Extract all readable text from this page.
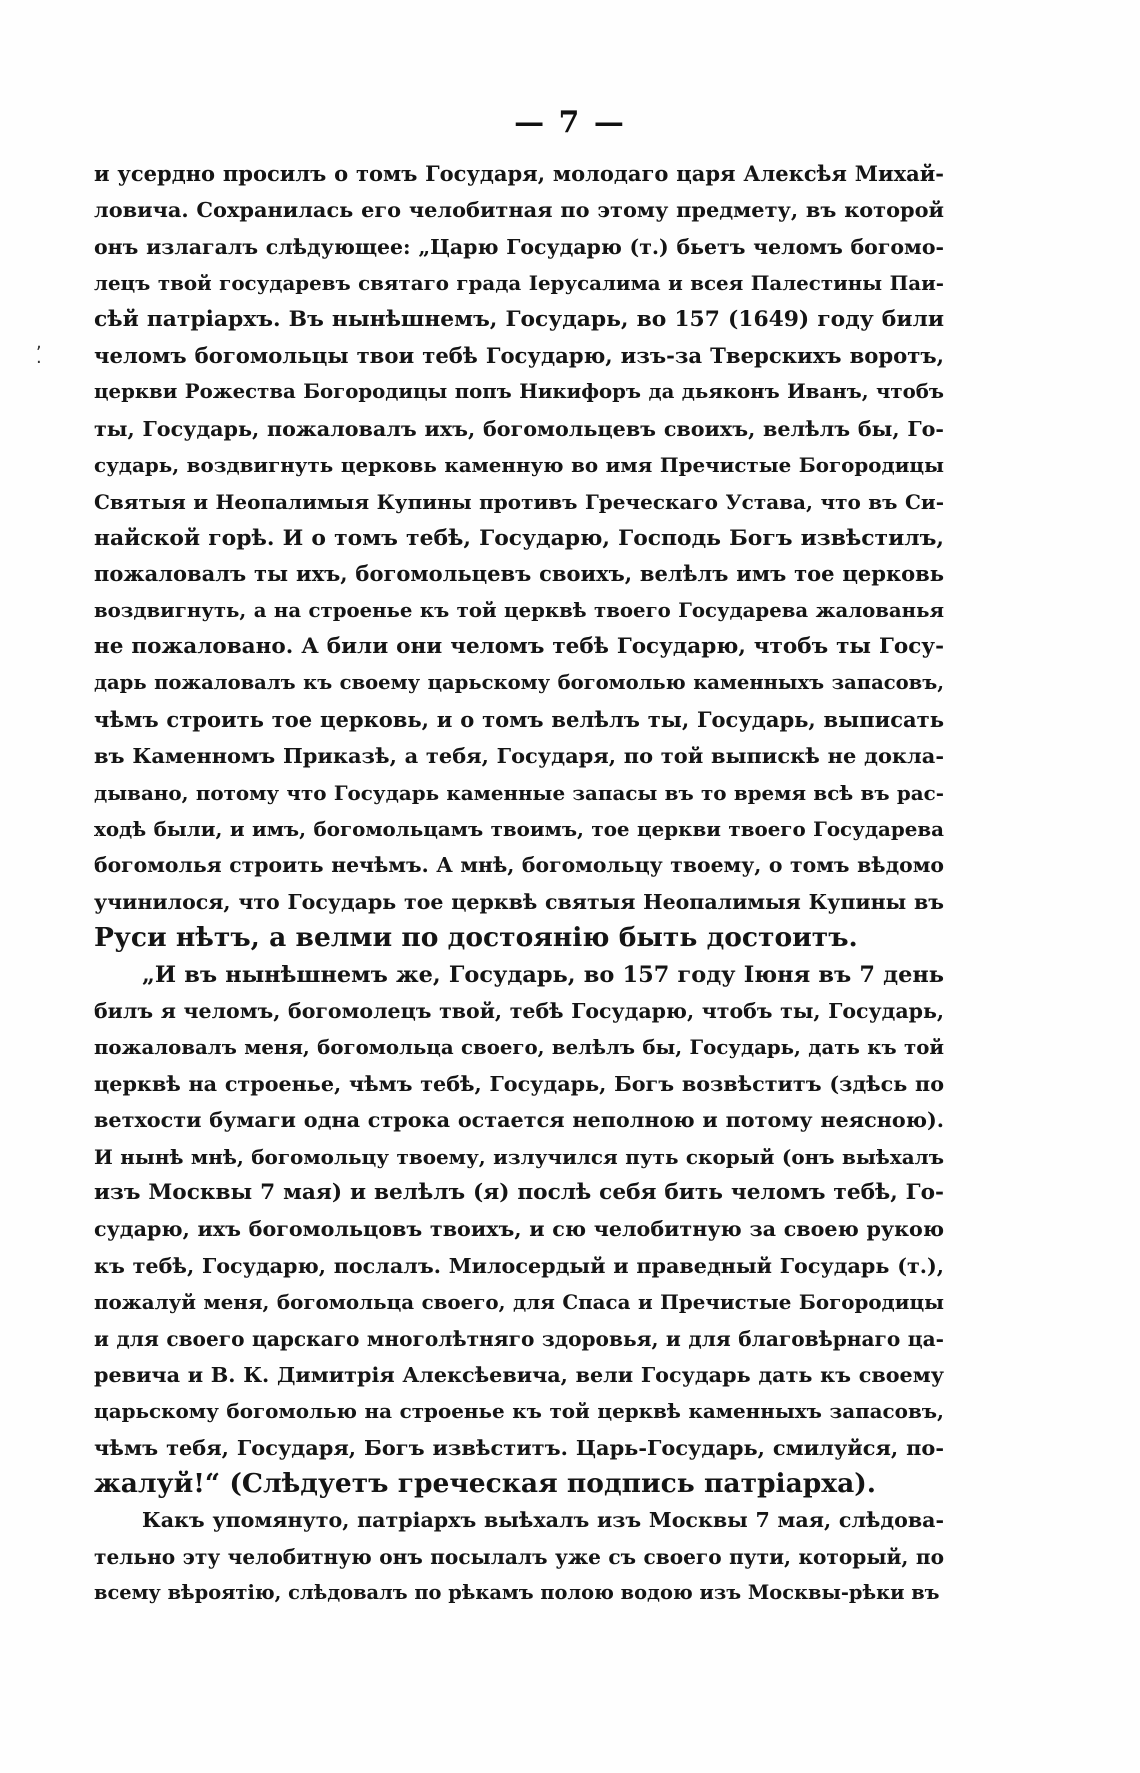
— 7 —
,
·
и усердно просилъ о томъ Государя, молодаго царя Алексѣя Михай-
ловича. Сохранилась его челобитная по этому предмету, въ которой
онъ излагалъ слѣдующее: „Царю Государю (т.) бьетъ челомъ богомо-
лецъ твой государевъ святаго града Іерусалима и всея Палестины Паи-
сѣй патріархъ. Въ нынѣшнемъ, Государь, во 157 (1649) году били
челомъ богомольцы твои тебѣ Государю, изъ-за Тверскихъ воротъ,
церкви Рожества Богородицы попъ Никифоръ да дьяконъ Иванъ, чтобъ
ты, Государь, пожаловалъ ихъ, богомольцевъ своихъ, велѣлъ бы, Го-
сударь, воздвигнуть церковь каменную во имя Пречистые Богородицы
Святыя и Неопалимыя Купины противъ Греческаго Устава, что въ Си-
найской горѣ. И о томъ тебѣ, Государю, Господь Богъ извѣстилъ,
пожаловалъ ты ихъ, богомольцевъ своихъ, велѣлъ имъ тое церковь
воздвигнуть, а на строенье къ той церквѣ твоего Государева жалованья
не пожаловано. А били они челомъ тебѣ Государю, чтобъ ты Госу-
дарь пожаловалъ къ своему царьскому богомолью каменныхъ запасовъ,
чѣмъ строить тое церковь, и о томъ велѣлъ ты, Государь, выписать
въ Каменномъ Приказѣ, а тебя, Государя, по той выпискѣ не доклa-
дывано, потому что Государь каменные запасы въ то время всѣ въ рас-
ходѣ были, и имъ, богомольцамъ твоимъ, тое церкви твоего Государева
богомолья строить нечѣмъ. А мнѣ, богомольцу твоему, о томъ вѣдомо
учинилося, что Государь тое церквѣ святыя Неопалимыя Купины въ
Руси нѣтъ, а велми по достоянію быть достоитъ.
„И въ нынѣшнемъ же, Государь, во 157 году Іюня въ 7 день
билъ я челомъ, богомолецъ твой, тебѣ Государю, чтобъ ты, Государь,
пожаловалъ меня, богомольца своего, велѣлъ бы, Государь, дать къ той
церквѣ на строенье, чѣмъ тебѣ, Государь, Богъ возвѣститъ (здѣсь по
ветхости бумаги одна строка остается неполною и потому неясною).
И нынѣ мнѣ, богомольцу твоему, излучился путь скорый (онъ выѣхалъ
изъ Москвы 7 мая) и велѣлъ (я) послѣ себя бить челомъ тебѣ, Го-
сударю, ихъ богомольцовъ твоихъ, и сю челобитную за своею рукою
къ тебѣ, Государю, послалъ. Милосердый и праведный Государь (т.),
пожалуй меня, богомольца своего, для Спаса и Пречистые Богородицы
и для своего царскаго многолѣтняго здоровья, и для благовѣрнаго ца-
ревича и В. К. Димитрія Алексѣевича, вели Государь дать къ своему
царьскому богомолью на строенье къ той церквѣ каменныхъ запасовъ,
чѣмъ тебя, Государя, Богъ извѣститъ. Царь-Государь, смилуйся, по-
жалуй!“ (Слѣдуетъ греческая подпись патріарха).
Какъ упомянуто, патріархъ выѣхалъ изъ Москвы 7 мая, слѣдова-
тельно эту челобитную онъ посылалъ уже съ своего пути, который, по
всему вѣроятію, слѣдовалъ по рѣкамъ полою водою изъ Москвы-рѣки въ
